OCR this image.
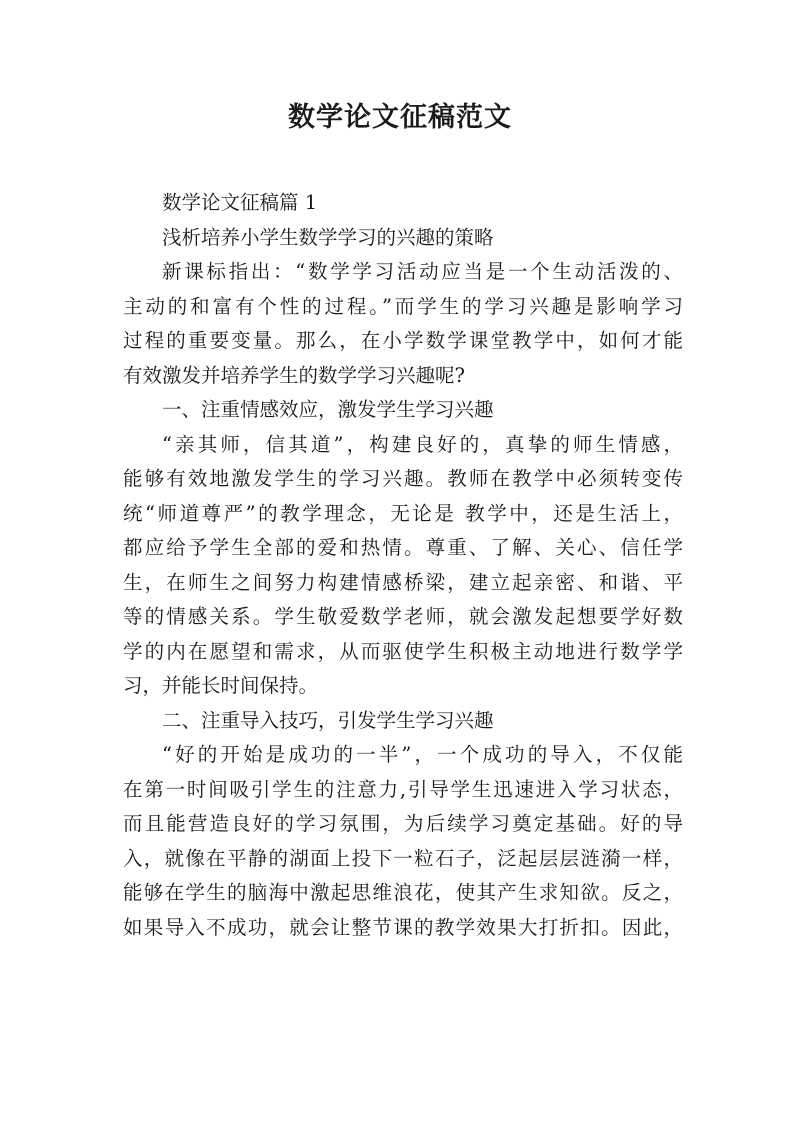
数学论文征稿范文
数学论文征稿篇 1
浅析培养小学生数学学习的兴趣的策略
新课标指出：“数学学习活动应当是一个生动活泼的、
主动的和富有个性的过程。”而学生的学习兴趣是影响学习
过程的重要变量。那么，在小学数学课堂教学中，如何才能
有效激发并培养学生的数学学习兴趣呢?
一、注重情感效应，激发学生学习兴趣
“亲其师，信其道”，构建良好的，真挚的师生情感，
能够有效地激发学生的学习兴趣。教师在教学中必须转变传
统“师道尊严”的教学理念，无论是 教学中，还是生活上，
都应给予学生全部的爱和热情。尊重、了解、关心、信任学
生，在师生之间努力构建情感桥梁，建立起亲密、和谐、平
等的情感关系。学生敬爱数学老师，就会激发起想要学好数
学的内在愿望和需求，从而驱使学生积极主动地进行数学学
习，并能长时间保持。
二、注重导入技巧，引发学生学习兴趣
“好的开始是成功的一半”，一个成功的导入，不仅能
在第一时间吸引学生的注意力,引导学生迅速进入学习状态，
而且能营造良好的学习氛围，为后续学习奠定基础。好的导
入，就像在平静的湖面上投下一粒石子，泛起层层涟漪一样，
能够在学生的脑海中激起思维浪花，使其产生求知欲。反之，
如果导入不成功，就会让整节课的教学效果大打折扣。因此，
